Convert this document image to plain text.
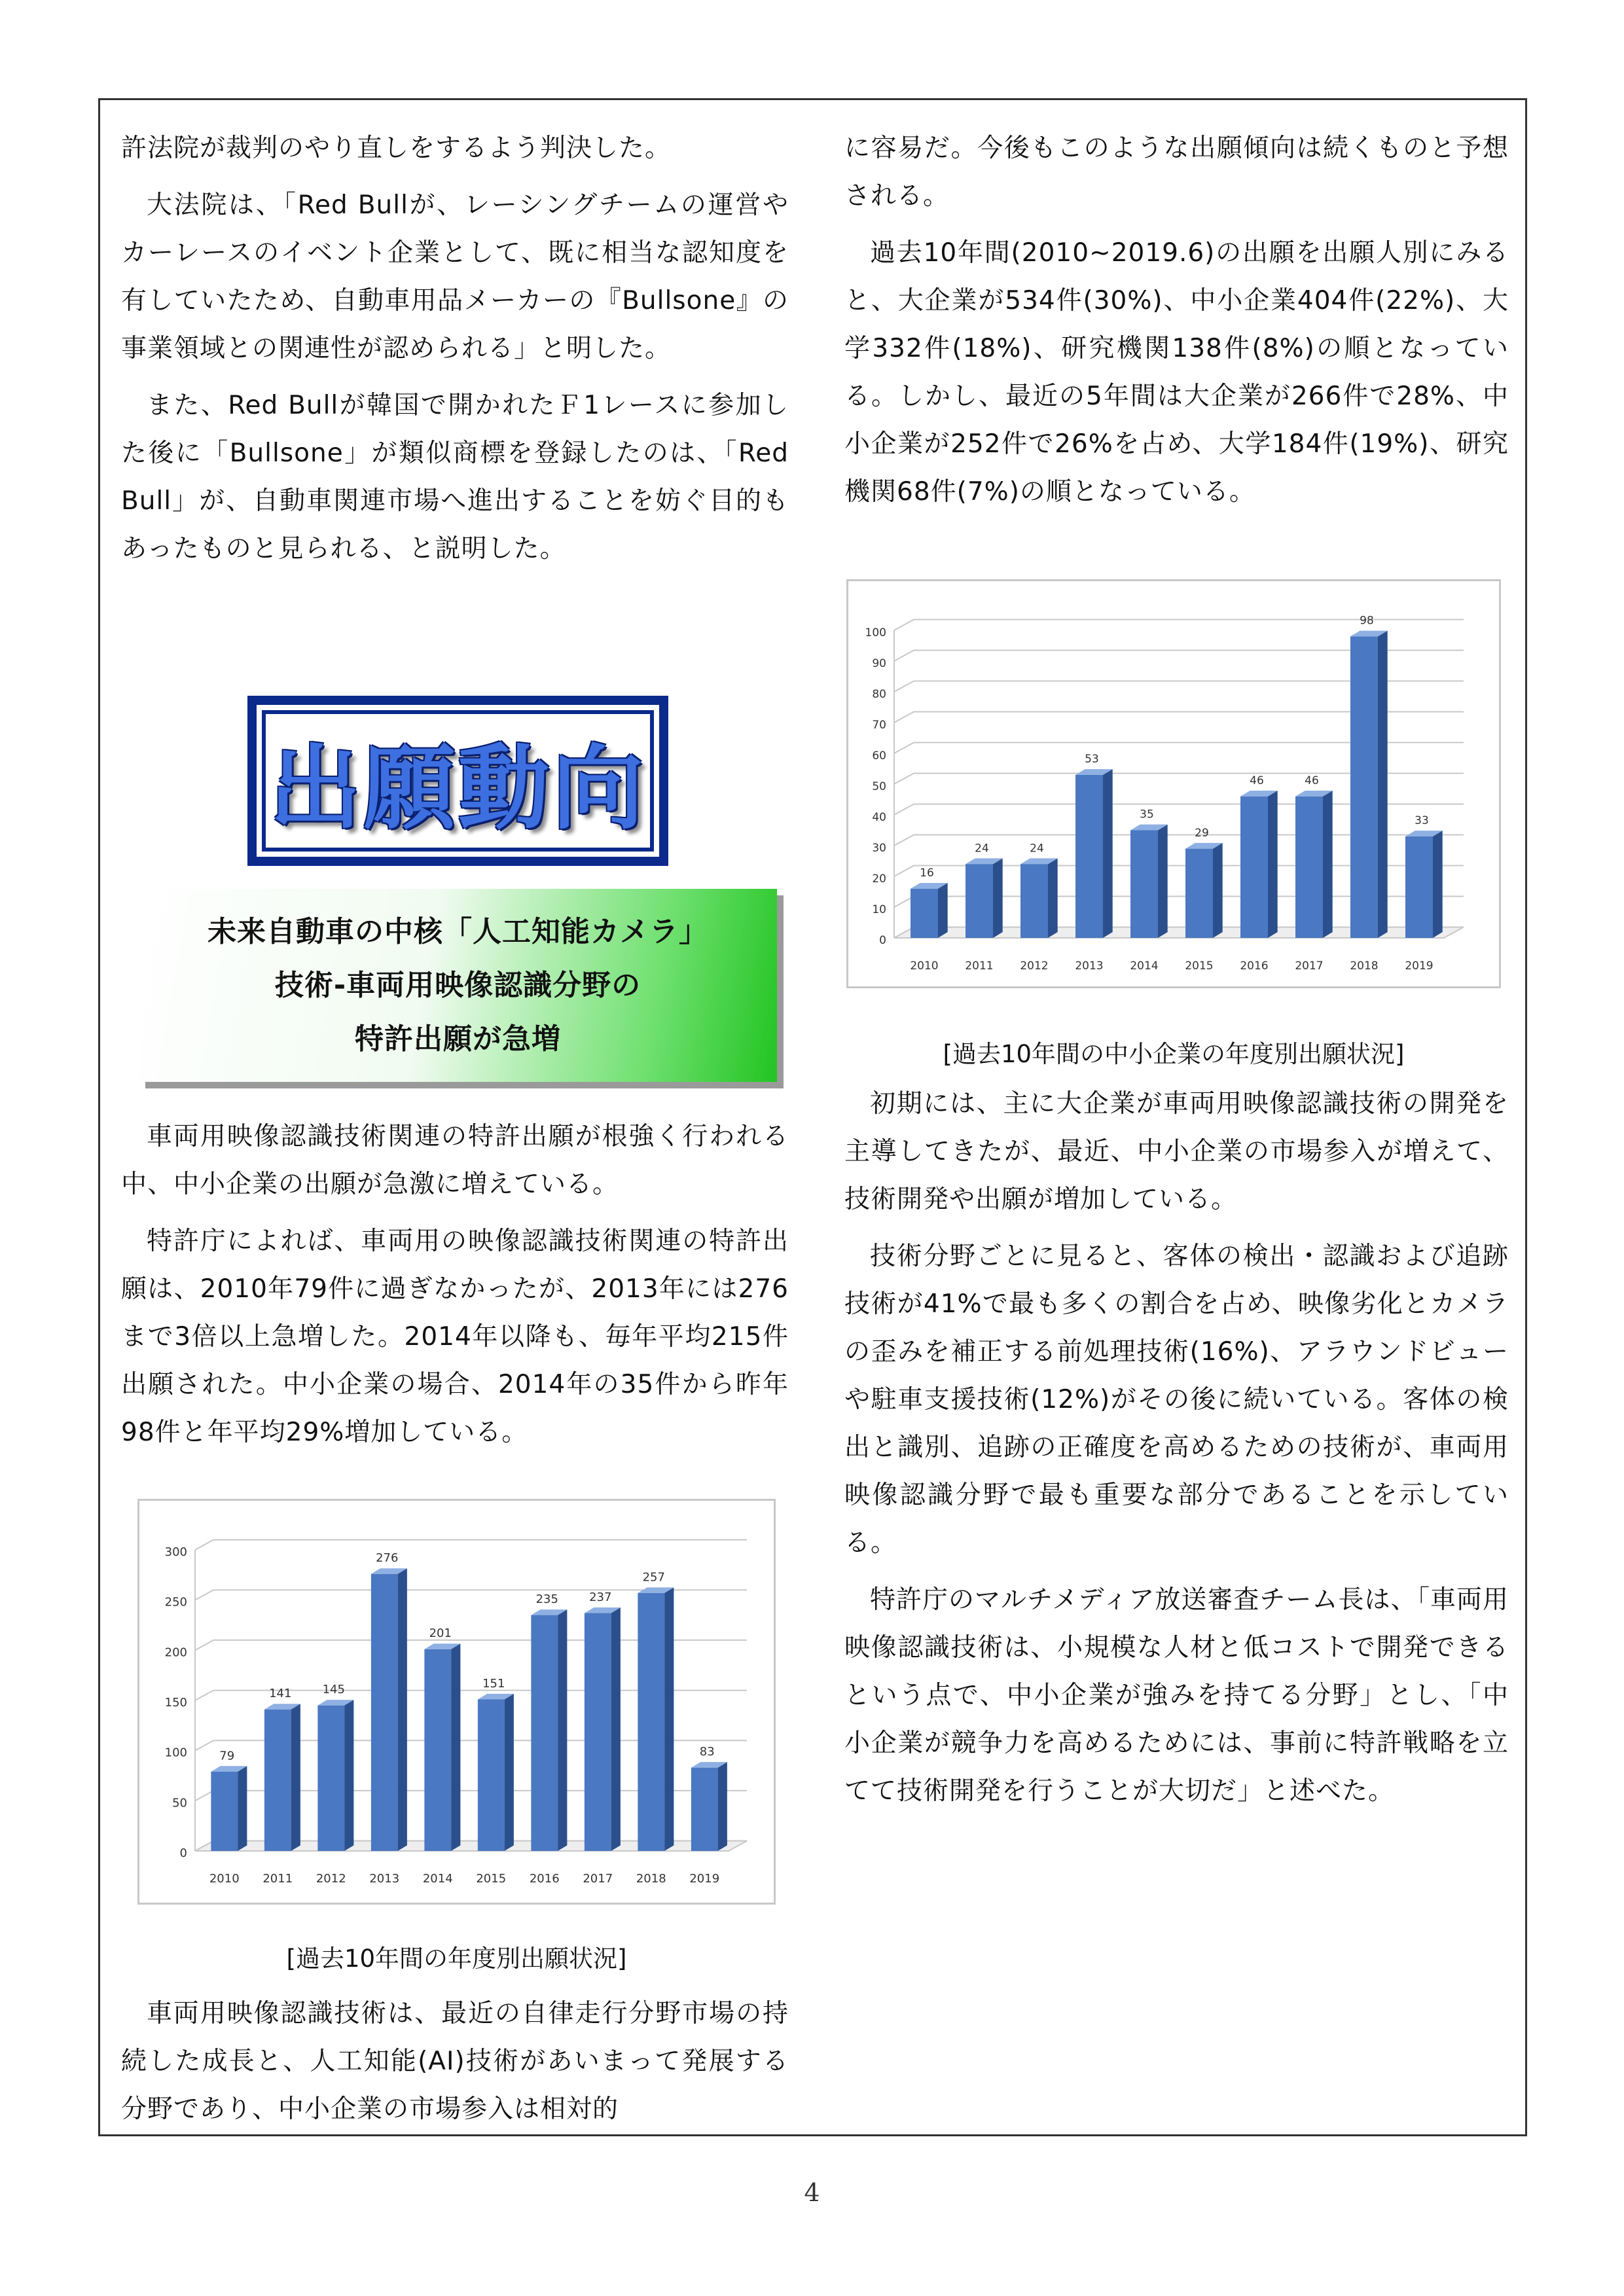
許法院が裁判のやり直しをするよう判決した。

大法院は、「Red Bullが、レーシングチームの運営やカーレースのイベント企業として、既に相当な認知度を有していたため、自動車用品メーカーの『Bullsone』の事業領域との関連性が認められる」と明した。

また、Red Bullが韓国で開かれたＦ1レースに参加した後に「Bullsone」が類似商標を登録したのは、「Red Bull」が、自動車関連市場へ進出することを妨ぐ目的もあったものと見られる、と説明した。

出願動向
未来自動車の中核「人工知能カメラ」
技術-車両用映像認識分野の
特許出願が急増

車両用映像認識技術関連の特許出願が根強く行われる中、中小企業の出願が急激に増えている。

特許庁によれば、車両用の映像認識技術関連の特許出願は、2010年79件に過ぎなかったが、2013年には276まで3倍以上急増した。2014年以降も、毎年平均215件出願された。中小企業の場合、2014年の35件から昨年98件と年平均29%増加している。

0
50
100
150
200
250
300
79
2010
141
2011
145
2012
276
2013
201
2014
151
2015
235
2016
237
2017
257
2018
83
2019
[過去10年間の年度別出願状況]

車両用映像認識技術は、最近の自律走行分野市場の持続した成長と、人工知能(AI)技術があいまって発展する分野であり、中小企業の市場参入は相対的

に容易だ。今後もこのような出願傾向は続くものと予想される。

過去10年間(2010~2019.6)の出願を出願人別にみると、大企業が534件(30%)、中小企業404件(22%)、大学332件(18%)、研究機関138件(8%)の順となっている。しかし、最近の5年間は大企業が266件で28%、中小企業が252件で26%を占め、大学184件(19%)、研究機関68件(7%)の順となっている。

0
10
20
30
40
50
60
70
80
90
100
16
2010
24
2011
24
2012
53
2013
35
2014
29
2015
46
2016
46
2017
98
2018
33
2019
[過去10年間の中小企業の年度別出願状況]

初期には、主に大企業が車両用映像認識技術の開発を主導してきたが、最近、中小企業の市場参入が増えて、技術開発や出願が増加している。

技術分野ごとに見ると、客体の検出・認識および追跡技術が41%で最も多くの割合を占め、映像劣化とカメラの歪みを補正する前処理技術(16%)、アラウンドビューや駐車支援技術(12%)がその後に続いている。客体の検出と識別、追跡の正確度を高めるための技術が、車両用映像認識分野で最も重要な部分であることを示している。

特許庁のマルチメディア放送審査チーム長は、「車両用映像認識技術は、小規模な人材と低コストで開発できるという点で、中小企業が強みを持てる分野」とし、「中小企業が競争力を高めるためには、事前に特許戦略を立てて技術開発を行うことが大切だ」と述べた。

4
